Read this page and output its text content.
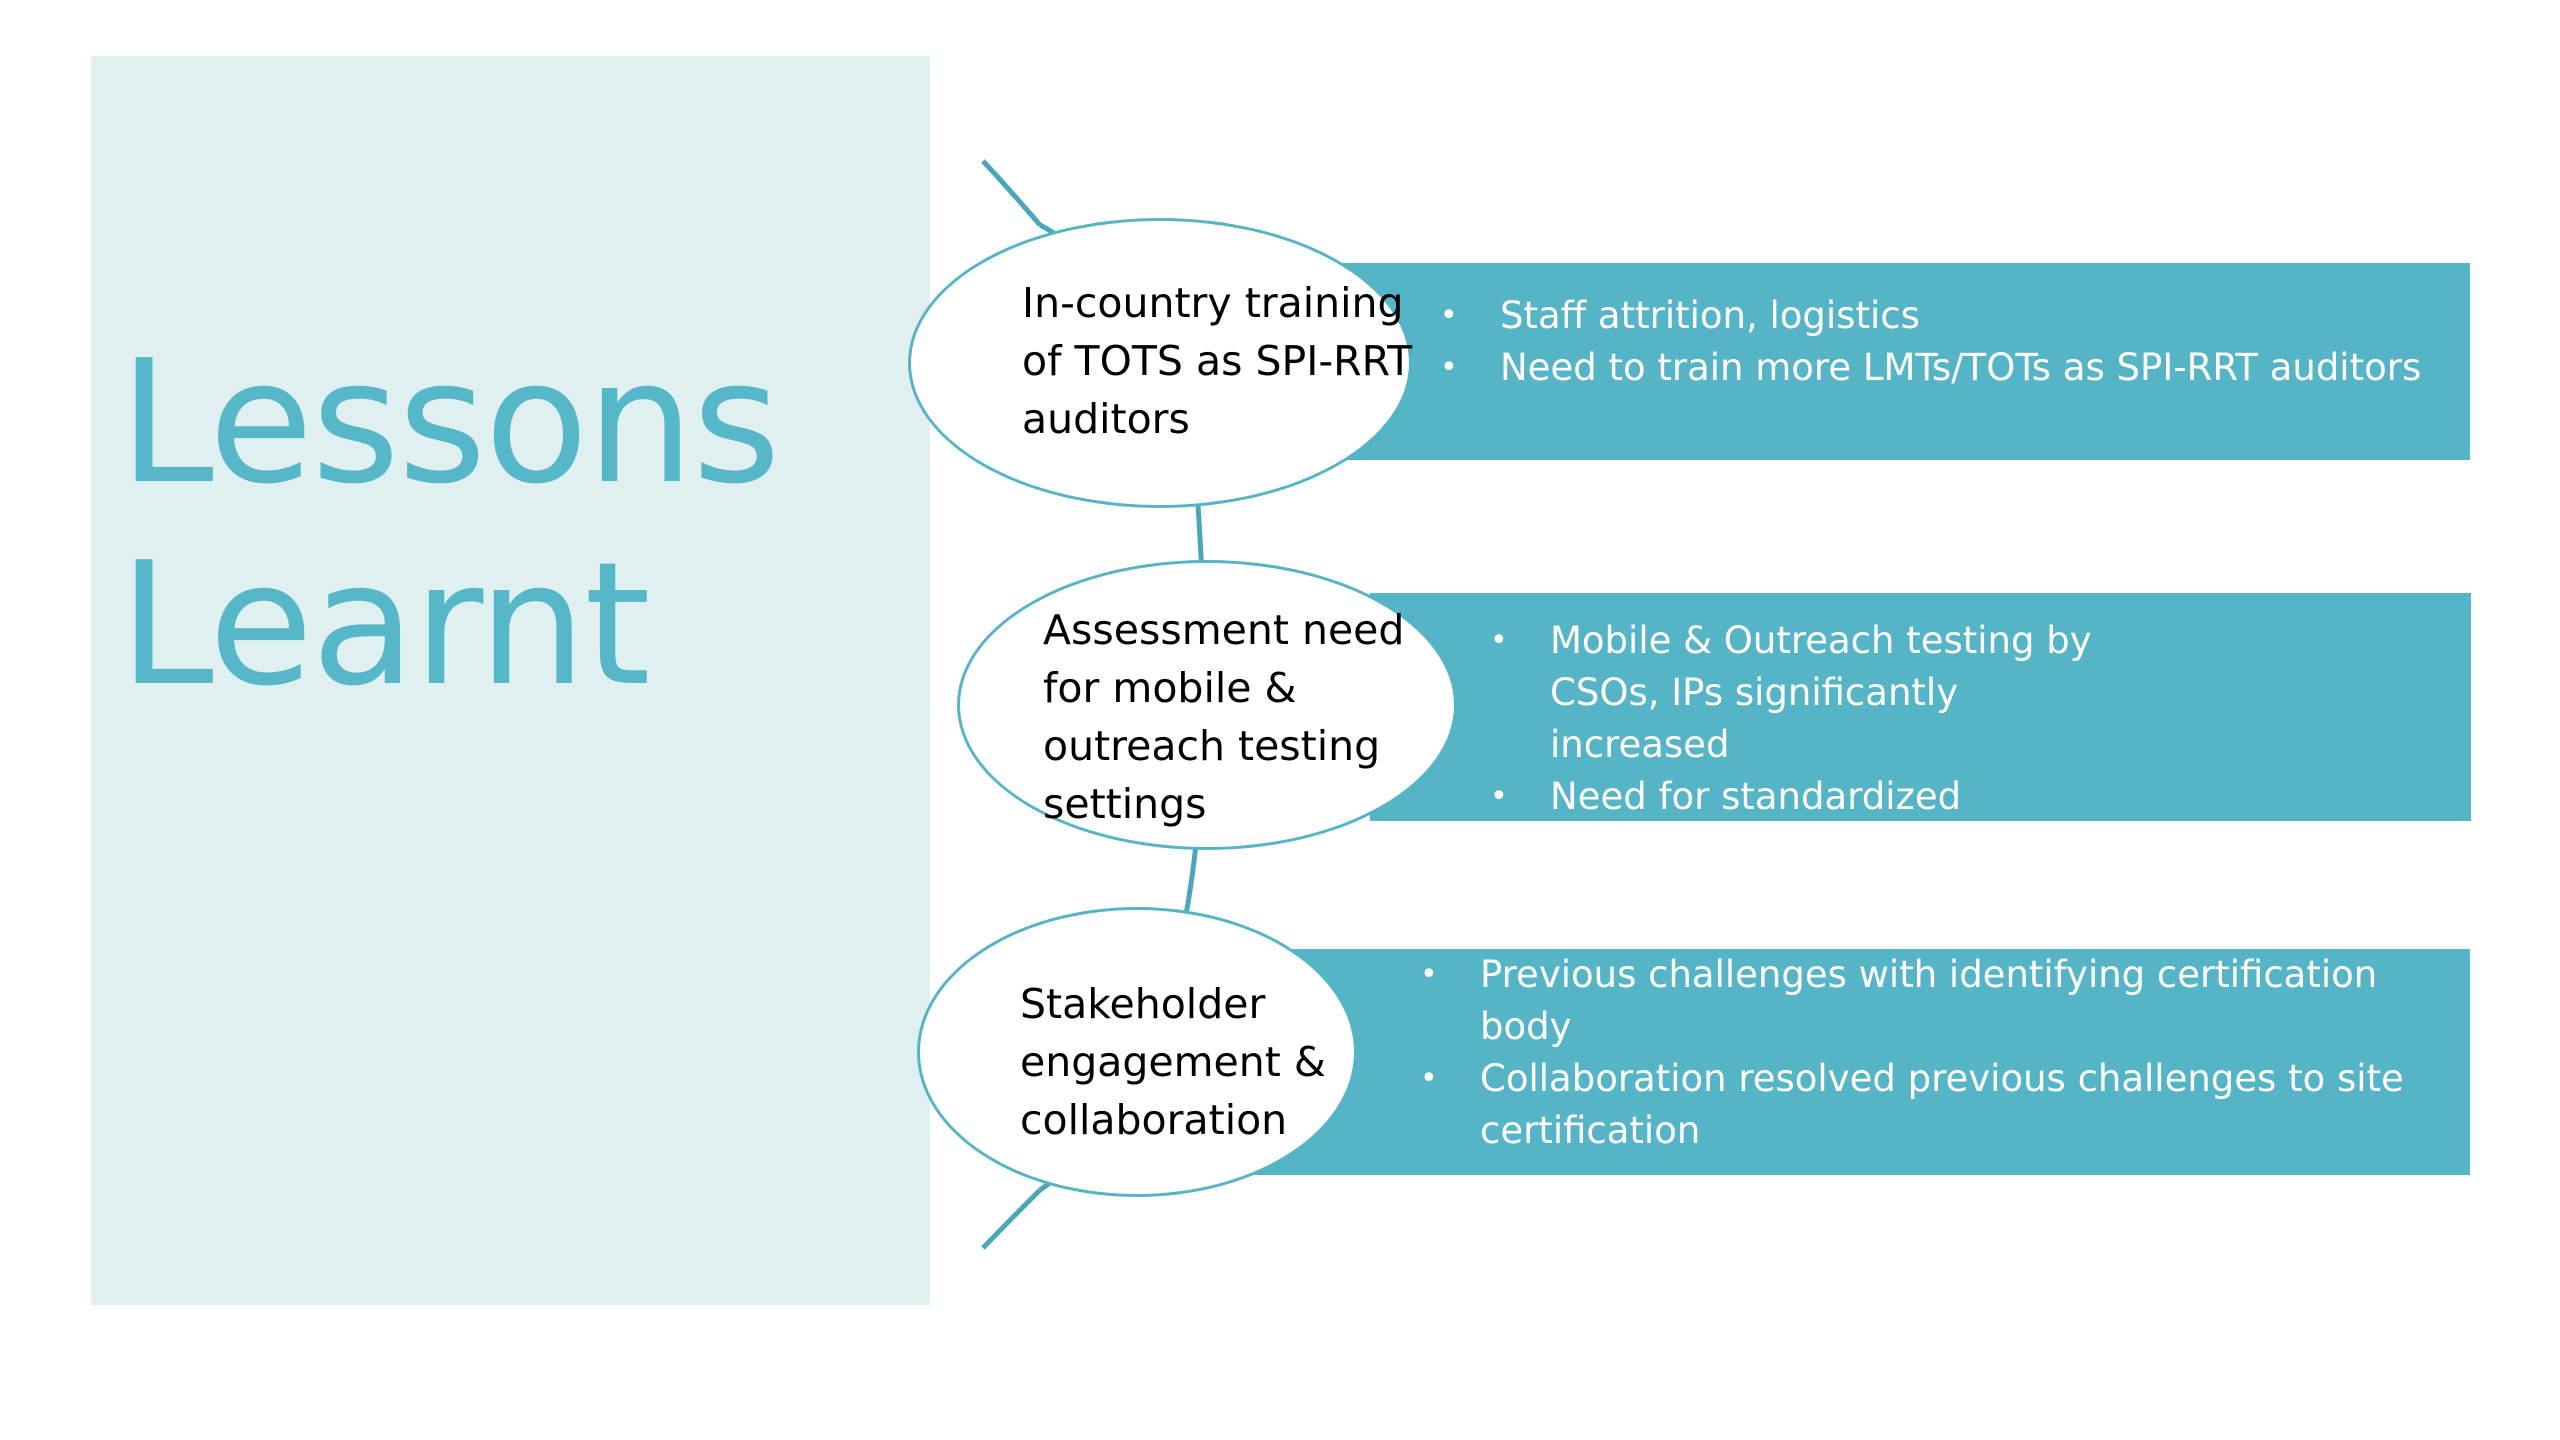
Lessons
Learnt
•	Staff attrition, logistics
•	Need to train more LMTs/TOTs as SPI-RRT auditors
In-country training
of TOTS as SPI-RRT
auditors
•	Mobile & Outreach testing by CSOs, IPs significantly increased
•	Need for standardized assessment checklist for testing settings
Assessment need
for mobile &
outreach testing
settings
•	Previous challenges with identifying certification body
•	Collaboration resolved previous challenges to site certification
Stakeholder
engagement &
collaboration
